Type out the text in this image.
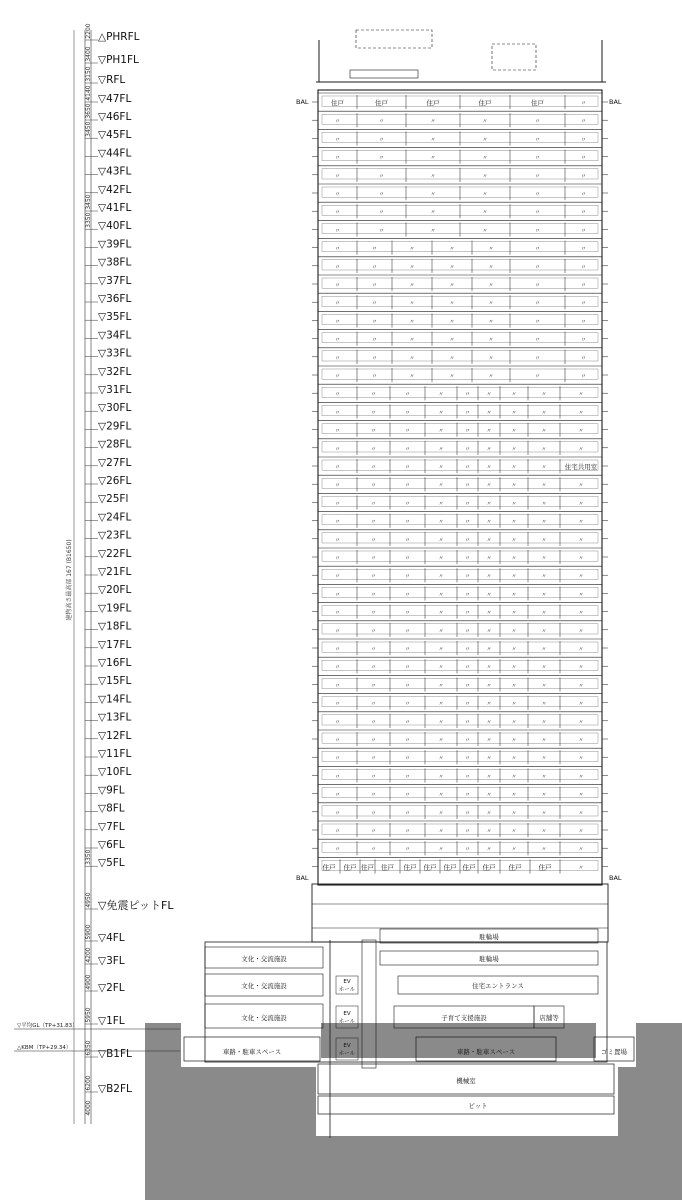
▽平均GL（TP+31.83）
△KBM（TP+29.34）
建物高さ最高部 167 (B1650)
4000
△PHRFL
2200
▽PH1FL
3400
▽RFL
3150
▽47FL
4140
▽46FL
3650
▽45FL
3450
▽44FL
▽43FL
▽42FL
▽41FL
3450
▽40FL
3350
▽39FL
▽38FL
▽37FL
▽36FL
▽35FL
▽34FL
▽33FL
▽32FL
▽31FL
▽30FL
▽29FL
▽28FL
▽27FL
▽26FL
▽25Fl
▽24FL
▽23FL
▽22FL
▽21FL
▽20FL
▽19FL
▽18FL
▽17FL
▽16FL
▽15FL
▽14FL
▽13FL
▽12FL
▽11FL
▽10FL
▽9FL
▽8FL
▽7FL
▽6FL
▽5FL
3350
▽免震ピットFL
4950
▽4FL
5900
▽3FL
4200
▽2FL
4900
▽1FL
5950
▽B1FL
6350
▽B2FL
6200
BAL	BAL
BAL	BAL
住戸	住戸	住戸	住戸	住戸	〃
〃	〃	〃	〃	〃	〃
〃	〃	〃	〃	〃	〃
〃	〃	〃	〃	〃	〃
〃	〃	〃	〃	〃	〃
〃	〃	〃	〃	〃	〃
〃	〃	〃	〃	〃	〃
〃	〃	〃	〃	〃	〃
〃	〃	〃	〃	〃	〃	〃
〃	〃	〃	〃	〃	〃	〃
〃	〃	〃	〃	〃	〃	〃
〃	〃	〃	〃	〃	〃	〃
〃	〃	〃	〃	〃	〃	〃
〃	〃	〃	〃	〃	〃	〃
〃	〃	〃	〃	〃	〃	〃
〃	〃	〃	〃	〃	〃	〃
〃	〃	〃	〃	〃	〃	〃	〃	〃
〃	〃	〃	〃	〃	〃	〃	〃	〃
〃	〃	〃	〃	〃	〃	〃	〃	〃
〃	〃	〃	〃	〃	〃	〃	〃	〃
〃	〃	〃	〃	〃	〃	〃	〃	住宅共用室
〃	〃	〃	〃	〃	〃	〃	〃	〃
〃	〃	〃	〃	〃	〃	〃	〃	〃
〃	〃	〃	〃	〃	〃	〃	〃	〃
〃	〃	〃	〃	〃	〃	〃	〃	〃
〃	〃	〃	〃	〃	〃	〃	〃	〃
〃	〃	〃	〃	〃	〃	〃	〃	〃
〃	〃	〃	〃	〃	〃	〃	〃	〃
〃	〃	〃	〃	〃	〃	〃	〃	〃
〃	〃	〃	〃	〃	〃	〃	〃	〃
〃	〃	〃	〃	〃	〃	〃	〃	〃
〃	〃	〃	〃	〃	〃	〃	〃	〃
〃	〃	〃	〃	〃	〃	〃	〃	〃
〃	〃	〃	〃	〃	〃	〃	〃	〃
〃	〃	〃	〃	〃	〃	〃	〃	〃
〃	〃	〃	〃	〃	〃	〃	〃	〃
〃	〃	〃	〃	〃	〃	〃	〃	〃
〃	〃	〃	〃	〃	〃	〃	〃	〃
〃	〃	〃	〃	〃	〃	〃	〃	〃
〃	〃	〃	〃	〃	〃	〃	〃	〃
〃	〃	〃	〃	〃	〃	〃	〃	〃
〃	〃	〃	〃	〃	〃	〃	〃	〃
住戸 住戸 住戸 住戸 住戸 住戸 住戸 住戸 住戸 住戸	住戸	〃
文化・交流施設
文化・交流施設
文化・交流施設
駐輪場
駐輪場
住宅エントランス
子育て支援施設	店舗等
EV
ホール
EV
ホール
EV
ホール
車路・駐車スペース	車路・駐車スペース	ゴミ置場
機械室
ピット
